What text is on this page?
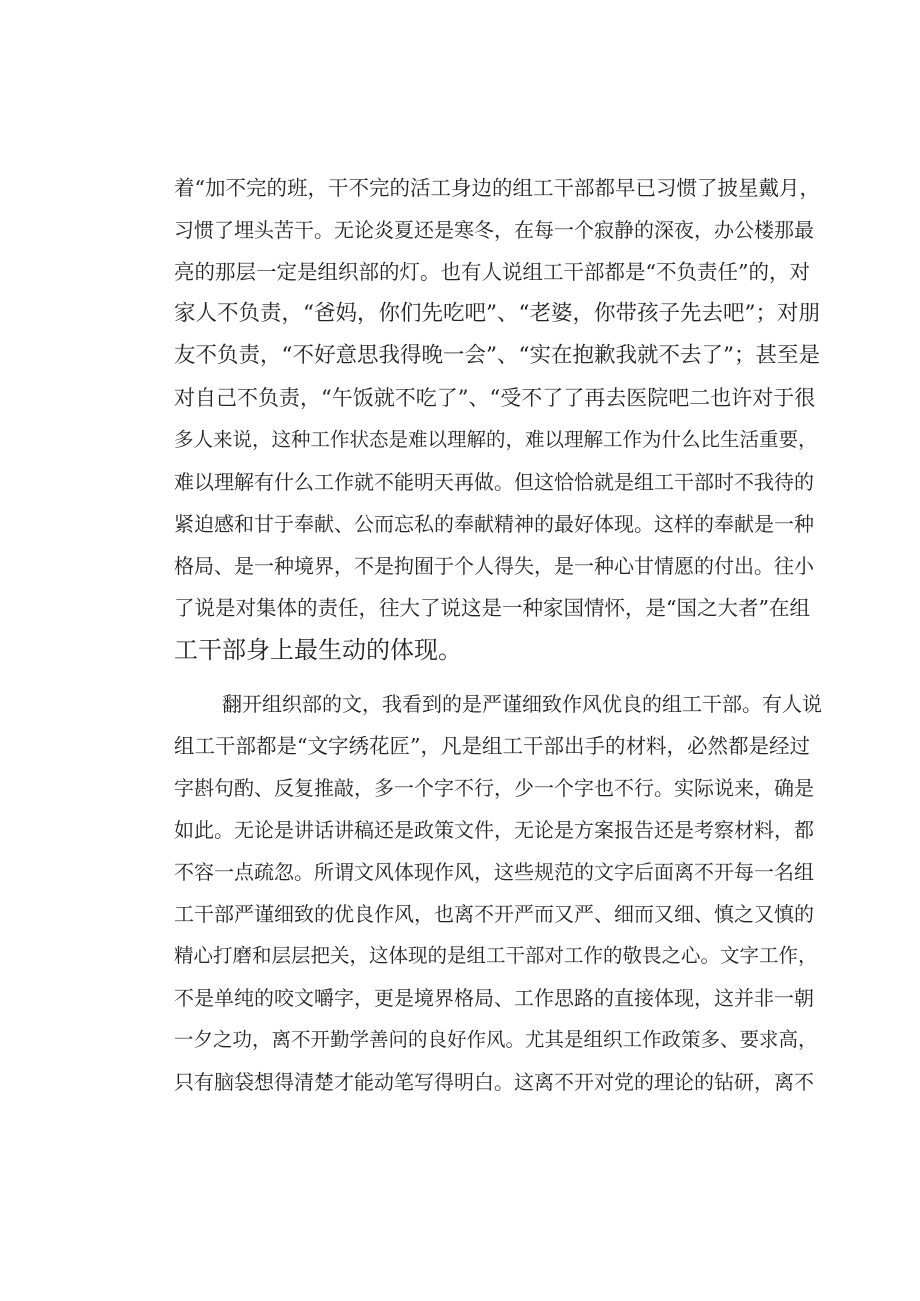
着“加不完的班，干不完的活工身边的组工干部都早已习惯了披星戴月，
习惯了埋头苦干。无论炎夏还是寒冬，在每一个寂静的深夜，办公楼那最
亮的那层一定是组织部的灯。也有人说组工干部都是“不负责任”的，对
家人不负责，“爸妈，你们先吃吧”、“老婆，你带孩子先去吧”；对朋
友不负责，“不好意思我得晚一会”、“实在抱歉我就不去了”；甚至是
对自己不负责，“午饭就不吃了”、“受不了了再去医院吧二也许对于很
多人来说，这种工作状态是难以理解的，难以理解工作为什么比生活重要，
难以理解有什么工作就不能明天再做。但这恰恰就是组工干部时不我待的
紧迫感和甘于奉献、公而忘私的奉献精神的最好体现。这样的奉献是一种
格局、是一种境界，不是拘囿于个人得失，是一种心甘情愿的付出。往小
了说是对集体的责任，往大了说这是一种家国情怀，是“国之大者”在组
工干部身上最生动的体现。
翻开组织部的文，我看到的是严谨细致作风优良的组工干部。有人说
组工干部都是“文字绣花匠”，凡是组工干部出手的材料，必然都是经过
字斟句酌、反复推敲，多一个字不行，少一个字也不行。实际说来，确是
如此。无论是讲话讲稿还是政策文件，无论是方案报告还是考察材料，都
不容一点疏忽。所谓文风体现作风，这些规范的文字后面离不开每一名组
工干部严谨细致的优良作风，也离不开严而又严、细而又细、慎之又慎的
精心打磨和层层把关，这体现的是组工干部对工作的敬畏之心。文字工作，
不是单纯的咬文嚼字，更是境界格局、工作思路的直接体现，这并非一朝
一夕之功，离不开勤学善问的良好作风。尤其是组织工作政策多、要求高，
只有脑袋想得清楚才能动笔写得明白。这离不开对党的理论的钻研，离不
